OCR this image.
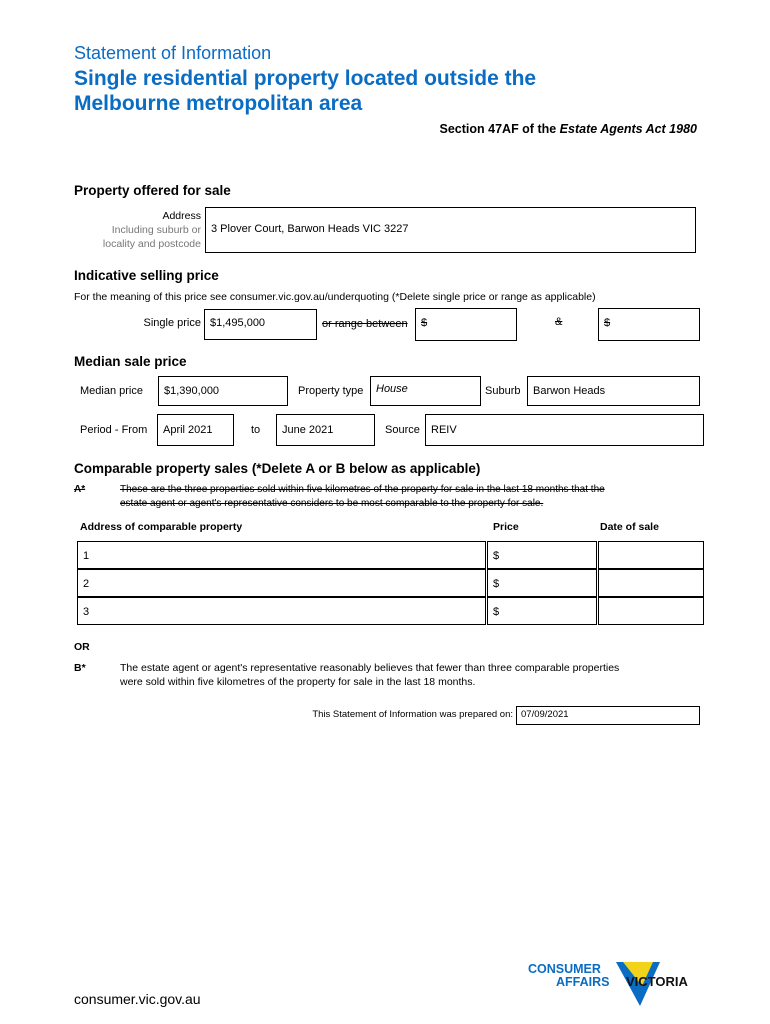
Statement of Information
Single residential property located outside the
Melbourne metropolitan area
Section 47AF of the Estate Agents Act 1980
Property offered for sale
Address
Including suburb or
locality and postcode
3 Plover Court, Barwon Heads VIC 3227
Indicative selling price
For the meaning of this price see consumer.vic.gov.au/underquoting (*Delete single price or range as applicable)
Single price $1,495,000	or range between	$	&	$
Median sale price
Median price	$1,390,000	Property type	House	Suburb	Barwon Heads
Period - From	April 2021	to	June 2021	Source	REIV
Comparable property sales (*Delete A or B below as applicable)
A*	These are the three properties sold within five kilometres of the property for sale in the last 18 months that the
estate agent or agent's representative considers to be most comparable to the property for sale.
Address of comparable property	Price	Date of sale
1	$
2	$
3	$
OR
B*	The estate agent or agent's representative reasonably believes that fewer than three comparable properties
were sold within five kilometres of the property for sale in the last 18 months.
This Statement of Information was prepared on: 07/09/2021
consumer.vic.gov.au
CONSUMER
AFFAIRS VICTORIA
